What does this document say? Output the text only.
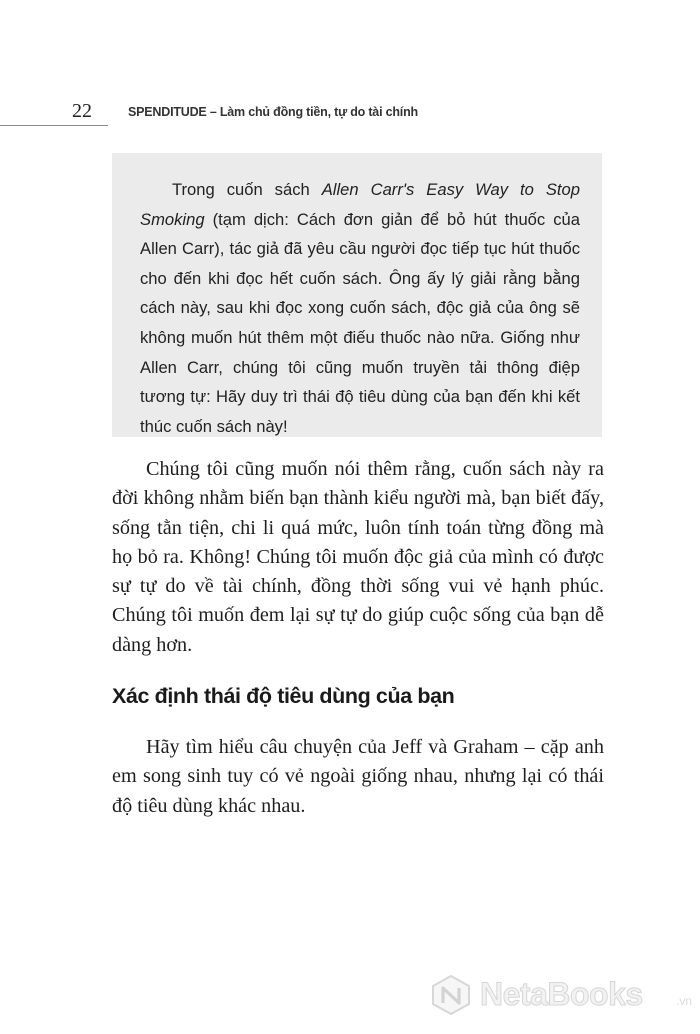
22	SPENDITUDE – Làm chủ đồng tiền, tự do tài chính

Trong cuốn sách Allen Carr's Easy Way to Stop Smoking (tạm dịch: Cách đơn giản để bỏ hút thuốc của Allen Carr), tác giả đã yêu cầu người đọc tiếp tục hút thuốc cho đến khi đọc hết cuốn sách. Ông ấy lý giải rằng bằng cách này, sau khi đọc xong cuốn sách, độc giả của ông sẽ không muốn hút thêm một điếu thuốc nào nữa. Giống như Allen Carr, chúng tôi cũng muốn truyền tải thông điệp tương tự: Hãy duy trì thái độ tiêu dùng của bạn đến khi kết thúc cuốn sách này!

Chúng tôi cũng muốn nói thêm rằng, cuốn sách này ra đời không nhằm biến bạn thành kiểu người mà, bạn biết đấy, sống tằn tiện, chi li quá mức, luôn tính toán từng đồng mà họ bỏ ra. Không! Chúng tôi muốn độc giả của mình có được sự tự do về tài chính, đồng thời sống vui vẻ hạnh phúc. Chúng tôi muốn đem lại sự tự do giúp cuộc sống của bạn dễ dàng hơn.

Xác định thái độ tiêu dùng của bạn

Hãy tìm hiểu câu chuyện của Jeff và Graham – cặp anh em song sinh tuy có vẻ ngoài giống nhau, nhưng lại có thái độ tiêu dùng khác nhau.

NetaBooks	.vn
